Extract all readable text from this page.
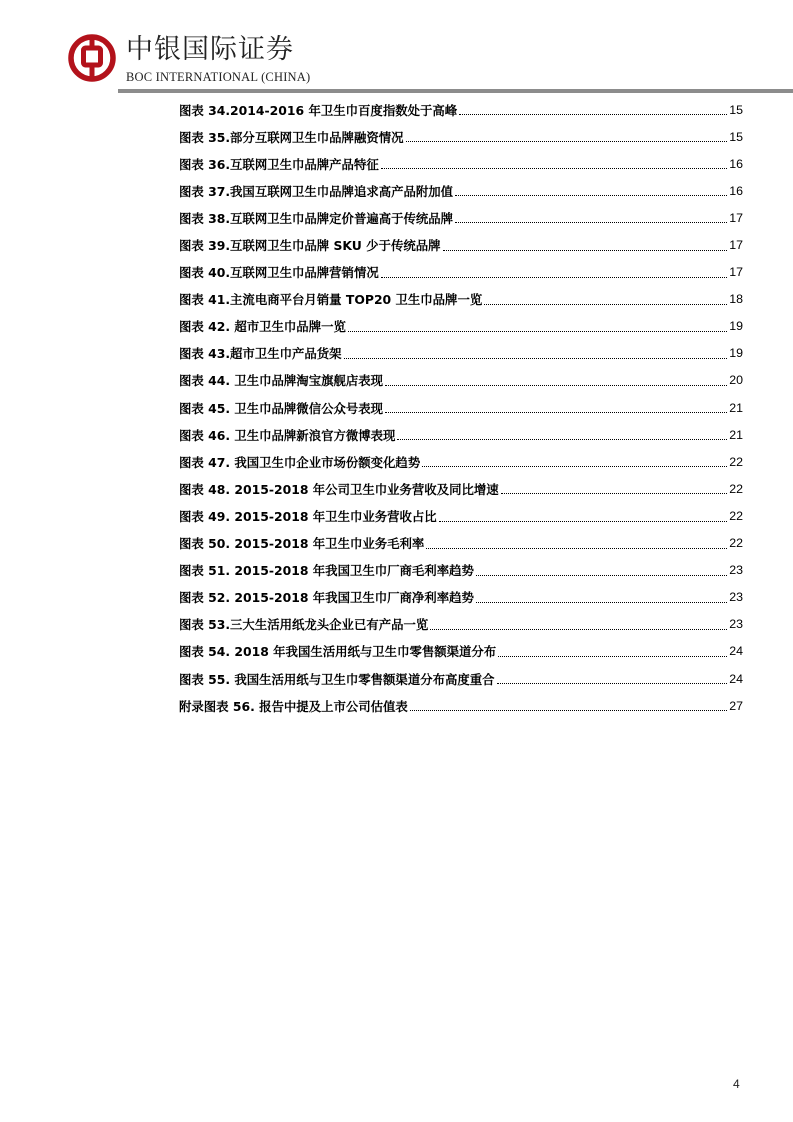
中银国际证券
BOC INTERNATIONAL (CHINA)
图表 34.2014-2016 年卫生巾百度指数处于高峰	15
图表 35.部分互联网卫生巾品牌融资情况	15
图表 36.互联网卫生巾品牌产品特征	16
图表 37.我国互联网卫生巾品牌追求高产品附加值	16
图表 38.互联网卫生巾品牌定价普遍高于传统品牌	17
图表 39.互联网卫生巾品牌 SKU 少于传统品牌	17
图表 40.互联网卫生巾品牌营销情况	17
图表 41.主流电商平台月销量 TOP20 卫生巾品牌一览	18
图表 42. 超市卫生巾品牌一览	19
图表 43.超市卫生巾产品货架	19
图表 44. 卫生巾品牌淘宝旗舰店表现	20
图表 45. 卫生巾品牌微信公众号表现	21
图表 46. 卫生巾品牌新浪官方微博表现	21
图表 47. 我国卫生巾企业市场份额变化趋势	22
图表 48. 2015-2018 年公司卫生巾业务营收及同比增速	22
图表 49. 2015-2018 年卫生巾业务营收占比	22
图表 50. 2015-2018 年卫生巾业务毛利率	22
图表 51. 2015-2018 年我国卫生巾厂商毛利率趋势	23
图表 52. 2015-2018 年我国卫生巾厂商净利率趋势	23
图表 53.三大生活用纸龙头企业已有产品一览	23
图表 54. 2018 年我国生活用纸与卫生巾零售额渠道分布	24
图表 55. 我国生活用纸与卫生巾零售额渠道分布高度重合	24
附录图表 56. 报告中提及上市公司估值表	27
4
